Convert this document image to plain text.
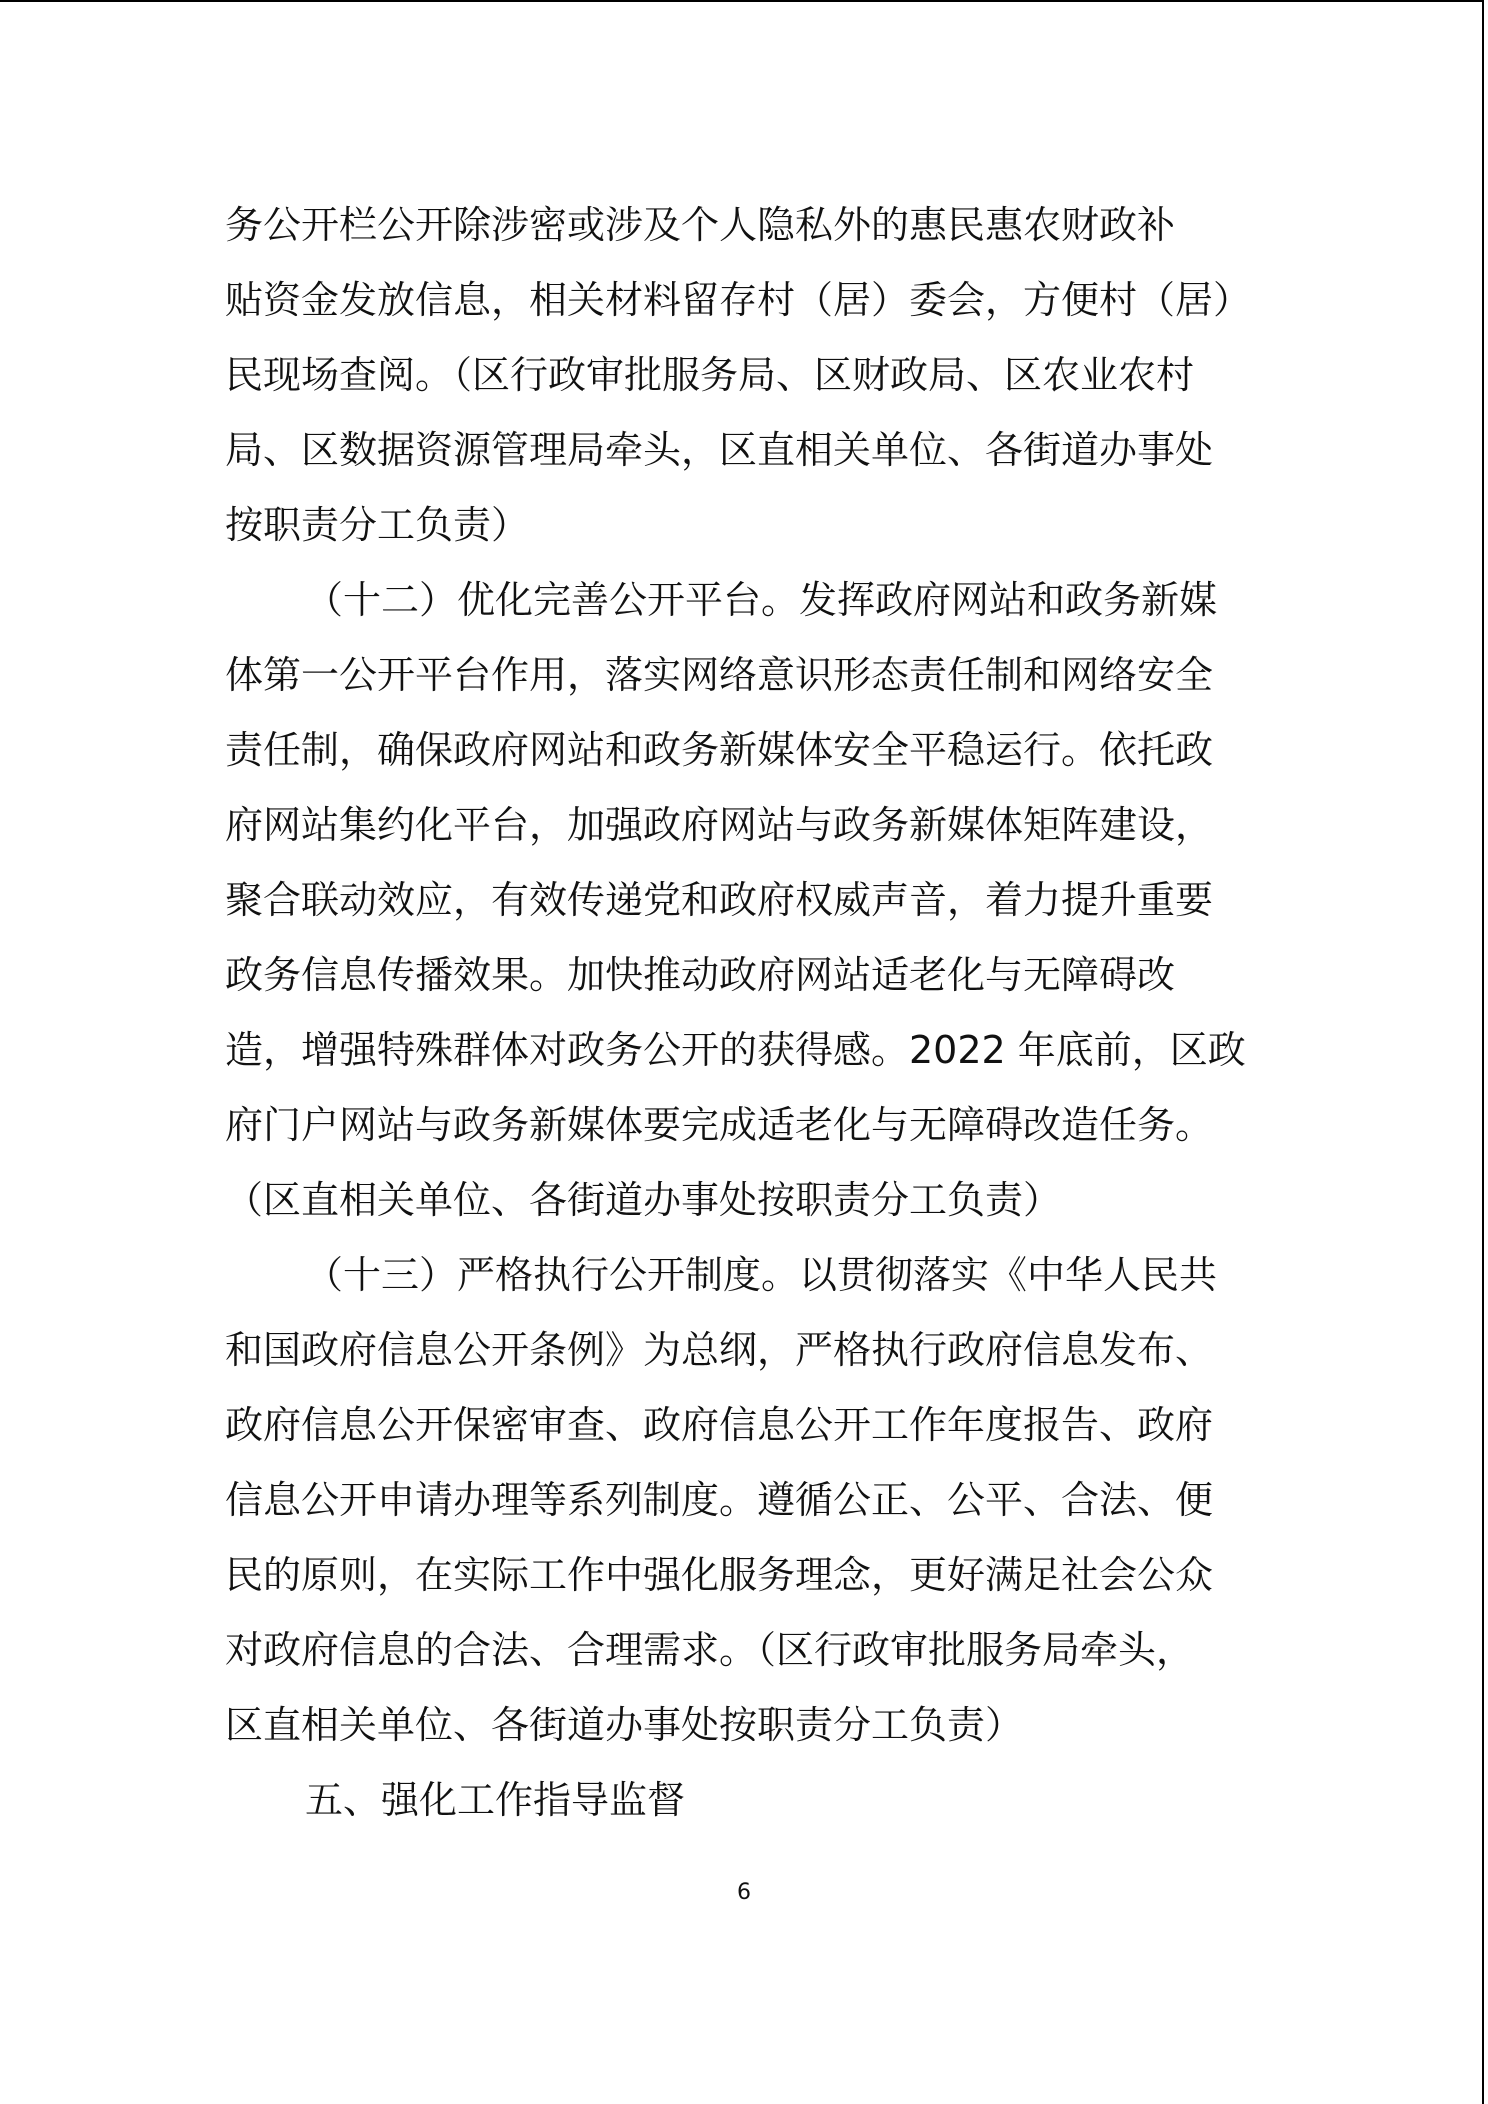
务公开栏公开除涉密或涉及个人隐私外的惠民惠农财政补
贴资金发放信息，相关材料留存村（居）委会，方便村（居）
民现场查阅。（区行政审批服务局、区财政局、区农业农村
局、区数据资源管理局牵头，区直相关单位、各街道办事处
按职责分工负责）
（十二）优化完善公开平台。发挥政府网站和政务新媒
体第一公开平台作用，落实网络意识形态责任制和网络安全
责任制，确保政府网站和政务新媒体安全平稳运行。依托政
府网站集约化平台，加强政府网站与政务新媒体矩阵建设，
聚合联动效应，有效传递党和政府权威声音，着力提升重要
政务信息传播效果。加快推动政府网站适老化与无障碍改
造，增强特殊群体对政务公开的获得感。2022 年底前，区政
府门户网站与政务新媒体要完成适老化与无障碍改造任务。
（区直相关单位、各街道办事处按职责分工负责）
（十三）严格执行公开制度。以贯彻落实《中华人民共
和国政府信息公开条例》为总纲，严格执行政府信息发布、
政府信息公开保密审查、政府信息公开工作年度报告、政府
信息公开申请办理等系列制度。遵循公正、公平、合法、便
民的原则，在实际工作中强化服务理念，更好满足社会公众
对政府信息的合法、合理需求。（区行政审批服务局牵头，
区直相关单位、各街道办事处按职责分工负责）
五、强化工作指导监督
6
